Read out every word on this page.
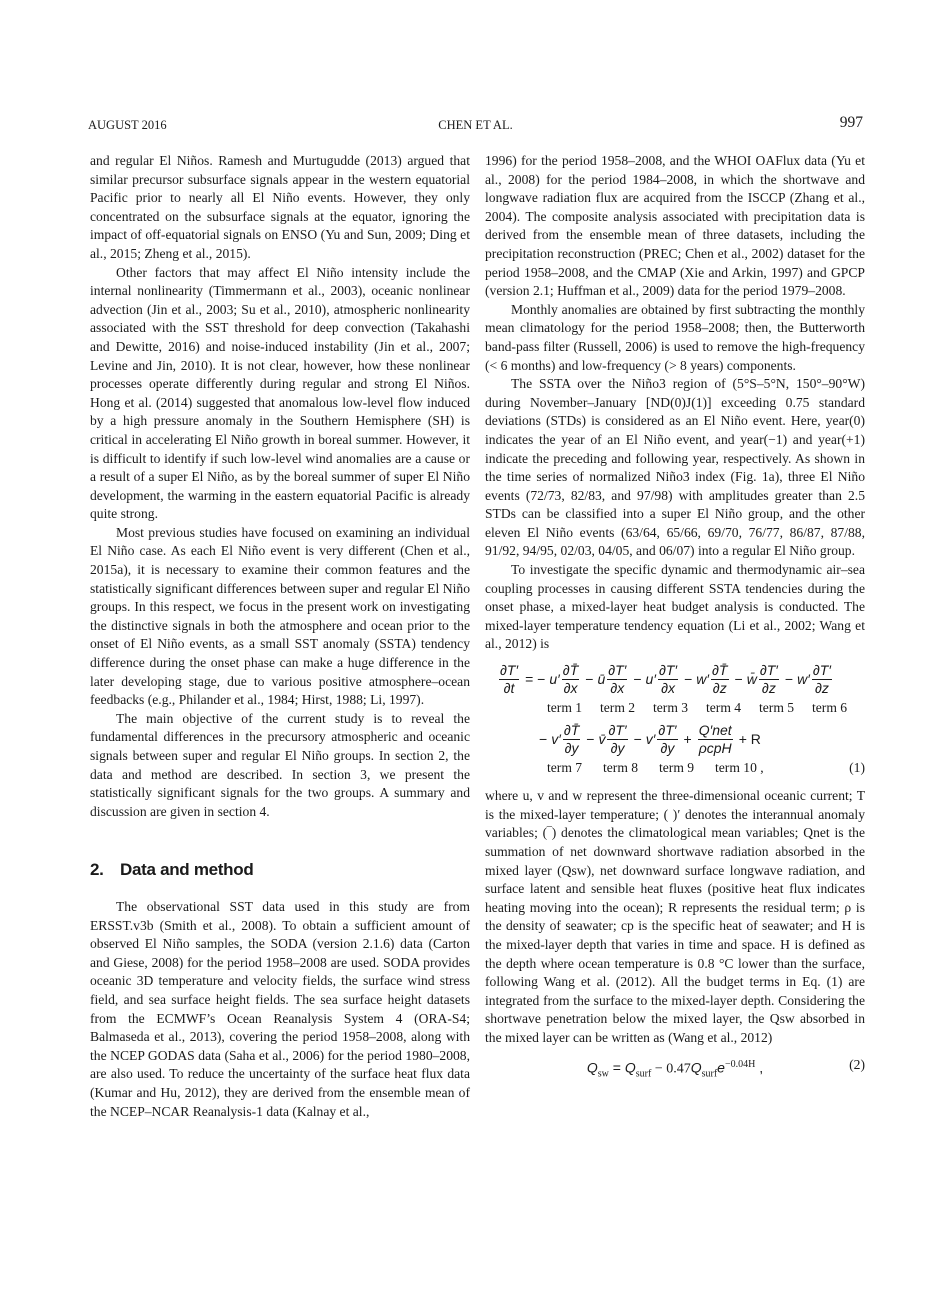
AUGUST 2016	CHEN ET AL.	997

and regular El Niños. Ramesh and Murtugudde (2013) argued that similar precursor subsurface signals appear in the western equatorial Pacific prior to nearly all El Niño events. However, they only concentrated on the subsurface signals at the equator, ignoring the impact of off-equatorial signals on ENSO (Yu and Sun, 2009; Ding et al., 2015; Zheng et al., 2015).

Other factors that may affect El Niño intensity include the internal nonlinearity (Timmermann et al., 2003), oceanic nonlinear advection (Jin et al., 2003; Su et al., 2010), atmospheric nonlinearity associated with the SST threshold for deep convection (Takahashi and Dewitte, 2016) and noise-induced instability (Jin et al., 2007; Levine and Jin, 2010). It is not clear, however, how these nonlinear processes operate differently during regular and strong El Niños. Hong et al. (2014) suggested that anomalous low-level flow induced by a high pressure anomaly in the Southern Hemisphere (SH) is critical in accelerating El Niño growth in boreal summer. However, it is difficult to identify if such low-level wind anomalies are a cause or a result of a super El Niño, as by the boreal summer of super El Niño development, the warming in the eastern equatorial Pacific is already quite strong.

Most previous studies have focused on examining an individual El Niño case. As each El Niño event is very different (Chen et al., 2015a), it is necessary to examine their common features and the statistically significant differences between super and regular El Niño groups. In this respect, we focus in the present work on investigating the distinctive signals in both the atmosphere and ocean prior to the onset of El Niño events, as a small SST anomaly (SSTA) tendency difference during the onset phase can make a huge difference in the later developing stage, due to various positive atmosphere–ocean feedbacks (e.g., Philander et al., 1984; Hirst, 1988; Li, 1997).

The main objective of the current study is to reveal the fundamental differences in the precursory atmospheric and oceanic signals between super and regular El Niño groups. In section 2, the data and method are described. In section 3, we present the statistically significant signals for the two groups. A summary and discussion are given in section 4.

2. Data and method

The observational SST data used in this study are from ERSST.v3b (Smith et al., 2008). To obtain a sufficient amount of observed El Niño samples, the SODA (version 2.1.6) data (Carton and Giese, 2008) for the period 1958–2008 are used. SODA provides oceanic 3D temperature and velocity fields, the surface wind stress field, and sea surface height fields. The sea surface height datasets from the ECMWF’s Ocean Reanalysis System 4 (ORA-S4; Balmaseda et al., 2013), covering the period 1958–2008, along with the NCEP GODAS data (Saha et al., 2006) for the period 1980–2008, are also used. To reduce the uncertainty of the surface heat flux data (Kumar and Hu, 2012), they are derived from the ensemble mean of the NCEP–NCAR Reanalysis-1 data (Kalnay et al.,

1996) for the period 1958–2008, and the WHOI OAFlux data (Yu et al., 2008) for the period 1984–2008, in which the shortwave and longwave radiation flux are acquired from the ISCCP (Zhang et al., 2004). The composite analysis associated with precipitation data is derived from the ensemble mean of three datasets, including the precipitation reconstruction (PREC; Chen et al., 2002) dataset for the period 1958–2008, and the CMAP (Xie and Arkin, 1997) and GPCP (version 2.1; Huffman et al., 2009) data for the period 1979–2008.

Monthly anomalies are obtained by first subtracting the monthly mean climatology for the period 1958–2008; then, the Butterworth band-pass filter (Russell, 2006) is used to remove the high-frequency (< 6 months) and low-frequency (> 8 years) components.

The SSTA over the Niño3 region of (5°S–5°N, 150°–90°W) during November–January [ND(0)J(1)] exceeding 0.75 standard deviations (STDs) is considered as an El Niño event. Here, year(0) indicates the year of an El Niño event, and year(−1) and year(+1) indicate the preceding and following year, respectively. As shown in the time series of normalized Niño3 index (Fig. 1a), three El Niño events (72/73, 82/83, and 97/98) with amplitudes greater than 2.5 STDs can be classified into a super El Niño group, and the other eleven El Niño events (63/64, 65/66, 69/70, 76/77, 86/87, 87/88, 91/92, 94/95, 02/03, 04/05, and 06/07) into a regular El Niño group.

To investigate the specific dynamic and thermodynamic air–sea coupling processes in causing different SSTA tendencies during the onset phase, a mixed-layer heat budget analysis is conducted. The mixed-layer temperature tendency equation (Li et al., 2002; Wang et al., 2012) is

$\frac{\partial T'}{\partial t}$ = − $u' \frac{\partial T̄}{\partial x}$ − ū $\frac{\partial T'}{\partial x} - u' \frac{\partial T'}{\partial x} - w' \frac{\partial T̄}{\partial z}$ − w̄ $\frac{\partial T'}{\partial z} - w' \frac{\partial T'}{\partial z}$
term 1	term 2	term 3	term 4	term 5	term 6
− $v' \frac{\partial T̄}{\partial y}$ − v̄ $\frac{\partial T'}{\partial y} - v' \frac{\partial T'}{\partial y} + \frac{\text{Q′net}}{\text{ρcpH}} + R$
term 7	term 8	term 9	term 10 ,	(1)

where u, v and w represent the three-dimensional oceanic current; T is the mixed-layer temperature; ( )′ denotes the interannual anomaly variables; (‾) denotes the climatological mean variables; Qnet is the summation of net downward shortwave radiation absorbed in the mixed layer (Qsw), net downward surface longwave radiation, and surface latent and sensible heat fluxes (positive heat flux indicates heating moving into the ocean); R represents the residual term; ρ is the density of seawater; cp is the specific heat of seawater; and H is the mixed-layer depth that varies in time and space. H is defined as the depth where ocean temperature is 0.8 °C lower than the surface, following Wang et al. (2012). All the budget terms in Eq. (1) are integrated from the surface to the mixed-layer depth. Considering the shortwave penetration below the mixed layer, the Qsw absorbed in the mixed layer can be written as (Wang et al., 2012)

$Q_{sw} = Q_{surf} - 0.47Q_{surf}e^{-0.04H}$ ,	(2)
